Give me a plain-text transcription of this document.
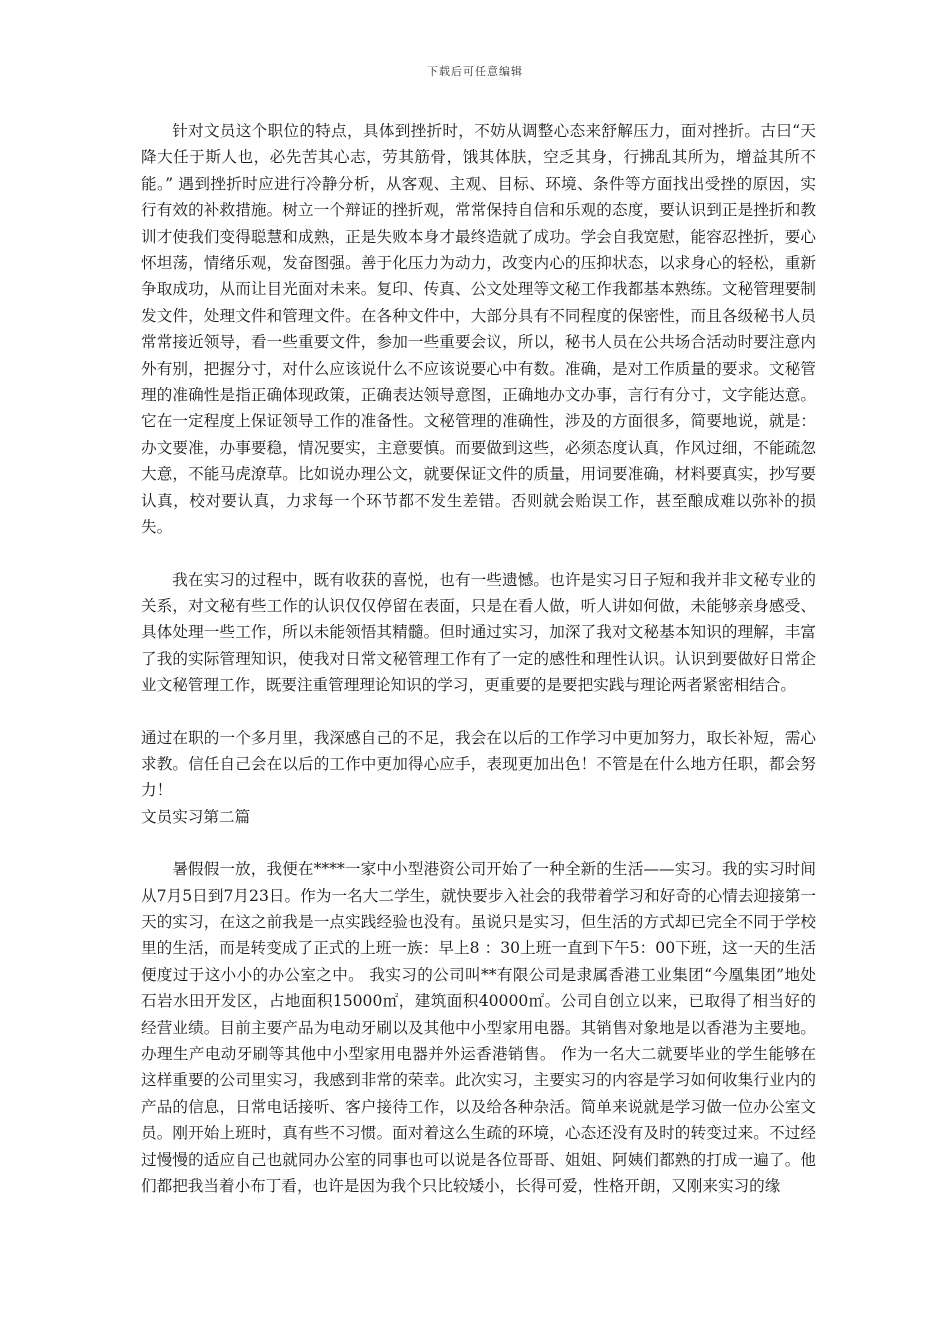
下载后可任意编辑

针对文员这个职位的特点，具体到挫折时，不妨从调整心态来舒解压力，面对挫折。古曰“天降大任于斯人也，必先苦其心志，劳其筋骨，饿其体肤，空乏其身，行拂乱其所为，增益其所不能。” 遇到挫折时应进行冷静分析，从客观、主观、目标、环境、条件等方面找出受挫的原因，实行有效的补救措施。树立一个辩证的挫折观，常常保持自信和乐观的态度，要认识到正是挫折和教训才使我们变得聪慧和成熟，正是失败本身才最终造就了成功。学会自我宽慰，能容忍挫折，要心怀坦荡，情绪乐观，发奋图强。善于化压力为动力，改变内心的压抑状态，以求身心的轻松，重新争取成功，从而让目光面对未来。复印、传真、公文处理等文秘工作我都基本熟练。文秘管理要制发文件，处理文件和管理文件。在各种文件中，大部分具有不同程度的保密性，而且各级秘书人员常常接近领导，看一些重要文件，参加一些重要会议，所以，秘书人员在公共场合活动时要注意内外有别，把握分寸，对什么应该说什么不应该说要心中有数。准确，是对工作质量的要求。文秘管理的准确性是指正确体现政策，正确表达领导意图，正确地办文办事，言行有分寸，文字能达意。它在一定程度上保证领导工作的准备性。文秘管理的准确性，涉及的方面很多，简要地说，就是：办文要准，办事要稳，情况要实，主意要慎。而要做到这些，必须态度认真，作风过细，不能疏忽大意，不能马虎潦草。比如说办理公文，就要保证文件的质量，用词要准确，材料要真实，抄写要认真，校对要认真，力求每一个环节都不发生差错。否则就会贻误工作，甚至酿成难以弥补的损失。

我在实习的过程中，既有收获的喜悦，也有一些遗憾。也许是实习日子短和我并非文秘专业的关系，对文秘有些工作的认识仅仅停留在表面，只是在看人做，听人讲如何做，未能够亲身感受、具体处理一些工作，所以未能领悟其精髓。但时通过实习，加深了我对文秘基本知识的理解，丰富了我的实际管理知识，使我对日常文秘管理工作有了一定的感性和理性认识。认识到要做好日常企业文秘管理工作，既要注重管理理论知识的学习，更重要的是要把实践与理论两者紧密相结合。

通过在职的一个多月里，我深感自己的不足，我会在以后的工作学习中更加努力，取长补短，需心求教。信任自己会在以后的工作中更加得心应手，表现更加出色！不管是在什么地方任职，都会努力！

文员实习第二篇

暑假假一放，我便在****一家中小型港资公司开始了一种全新的生活——实习。我的实习时间从7月5日到7月23日。作为一名大二学生，就快要步入社会的我带着学习和好奇的心情去迎接第一天的实习，在这之前我是一点实践经验也没有。虽说只是实习，但生活的方式却已完全不同于学校里的生活，而是转变成了正式的上班一族：早上8 ：30上班一直到下午5：00下班，这一天的生活便度过于这小小的办公室之中。 我实习的公司叫**有限公司是隶属香港工业集团“今凰集团”地处石岩水田开发区，占地面积15000㎡，建筑面积40000㎡。公司自创立以来，已取得了相当好的经营业绩。目前主要产品为电动牙刷以及其他中小型家用电器。其销售对象地是以香港为主要地。办理生产电动牙刷等其他中小型家用电器并外运香港销售。 作为一名大二就要毕业的学生能够在这样重要的公司里实习，我感到非常的荣幸。此次实习，主要实习的内容是学习如何收集行业内的产品的信息，日常电话接听、客户接待工作，以及给各种杂活。简单来说就是学习做一位办公室文员。刚开始上班时，真有些不习惯。面对着这么生疏的环境，心态还没有及时的转变过来。不过经过慢慢的适应自己也就同办公室的同事也可以说是各位哥哥、姐姐、阿姨们都熟的打成一遍了。他们都把我当着小布丁看，也许是因为我个只比较矮小，长得可爱，性格开朗，又刚来实习的缘
